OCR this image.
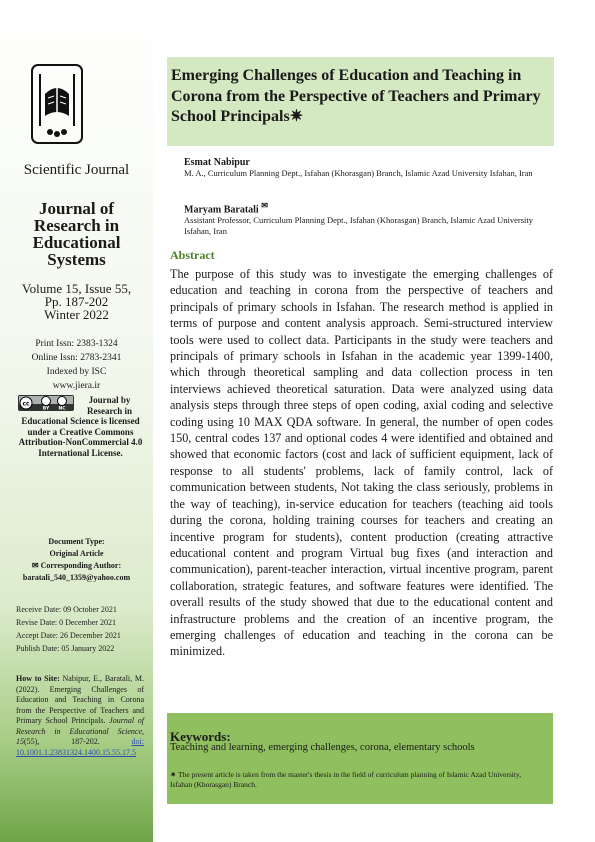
Scientific Journal
Journal of Research in Educational Systems
Volume 15, Issue 55,
Pp. 187-202
Winter 2022
Print Issn: 2383-1324
Online Issn: 2783-2341
Indexed by ISC
www.jiera.ir
cc
BY NC
Journal by Research in Educational Science is licensed under a Creative Commons Attribution-NonCommercial 4.0 International License.
Document Type:
Original Article
✉ Corresponding Author:
baratali_540_1359@yahoo.com
Receive Date: 09 October 2021
Revise Date: 0 December 2021
Accept Date: 26 December 2021
Publish Date: 05 January 2022
How to Site: Nabipur, E., Baratali, M. (2022). Emerging Challenges of Education and Teaching in Corona from the Perspective of Teachers and Primary School Principals. Journal of Research in Educational Science, 15(55), 187-202.	doi: 10.1001.1.23831324.1400.15.55.17.5
Emerging Challenges of Education and Teaching in Corona from the Perspective of Teachers and Primary School Principals✷
Esmat Nabipur
M. A., Curriculum Planning Dept., Isfahan (Khorasgan) Branch, Islamic Azad University Isfahan, Iran
Maryam Baratali ✉
Assistant Professor, Curriculum Planning Dept., Isfahan (Khorasgan) Branch, Islamic Azad University Isfahan, Iran
Abstract
The purpose of this study was to investigate the emerging challenges of education and teaching in corona from the perspective of teachers and principals of primary schools in Isfahan. The research method is applied in terms of purpose and content analysis approach. Semi-structured interview tools were used to collect data. Participants in the study were teachers and principals of primary schools in Isfahan in the academic year 1399-1400, which through theoretical sampling and data collection process in ten interviews achieved theoretical saturation. Data were analyzed using data analysis steps through three steps of open coding, axial coding and selective coding using 10 MAX QDA software. In general, the number of open codes 150, central codes 137 and optional codes 4 were identified and obtained and showed that economic factors (cost and lack of sufficient equipment, lack of response to all students' problems, lack of family control, lack of communication between students, Not taking the class seriously, problems in the way of teaching), in-service education for teachers (teaching aid tools during the corona, holding training courses for teachers and creating an incentive program for students), content production (creating attractive educational content and program Virtual bug fixes (and interaction and communication), parent-teacher interaction, virtual incentive program, parent collaboration, strategic features, and software features were identified. The overall results of the study showed that due to the educational content and infrastructure problems and the creation of an incentive program, the emerging challenges of education and teaching in the corona can be minimized.
Keywords:
Teaching and learning, emerging challenges, corona, elementary schools
✷ The present article is taken from the master's thesis in the field of curriculum planning of Islamic Azad University, Isfahan (Khorasgan) Branch.
